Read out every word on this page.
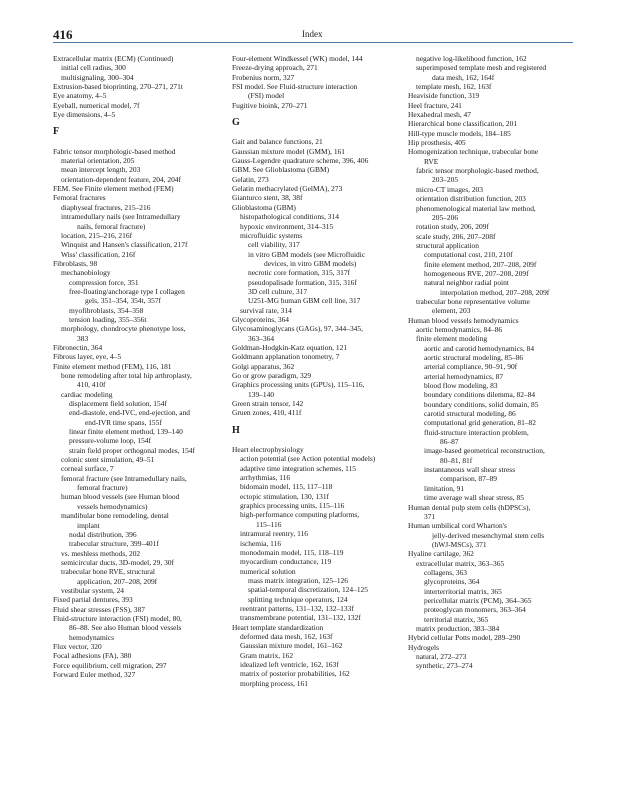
416	Index
Extracellular matrix (ECM) (Continued)
initial cell radius, 300
multisignaling, 300–304
Extrusion-based bioprinting, 270–271, 271t
Eye anatomy, 4–5
Eyeball, numerical model, 7f
Eye dimensions, 4–5
F
Fabric tensor morphologic-based method
material orientation, 205
mean intercept length, 203
orientation-dependent feature, 204, 204f
FEM. See Finite element method (FEM)
Femoral fractures
diaphyseal fractures, 215–216
intramedullary nails (see Intramedullary
nails, femoral fracture)
location, 215–216, 216f
Winquist and Hansen's classification, 217f
Wiss' classification, 216f
Fibroblasts, 98
mechanobiology
compression force, 351
free-floating/anchorage type I collagen
gels, 351–354, 354t, 357f
myofibroblasts, 354–358
tension loading, 355–356t
morphology, chondrocyte phenotype loss,
383
Fibronectin, 364
Fibrous layer, eye, 4–5
Finite element method (FEM), 116, 181
bone remodeling after total hip arthroplasty,
410, 410f
cardiac modeling
displacement field solution, 154f
end-diastole, end-IVC, end-ejection, and
end-IVR time spans, 155f
linear finite element method, 139–140
pressure-volume loop, 154f
strain field proper orthogonal modes, 154f
colonic stent simulation, 49–51
corneal surface, 7
femoral fracture (see Intramedullary nails,
femoral fracture)
human blood vessels (see Human blood
vessels hemodynamics)
mandibular bone remodeling, dental
implant
nodal distribution, 396
trabecular structure, 399–401f
vs. meshless methods, 202
semicircular ducts, 3D-model, 29, 30f
trabecular bone RVE, structural
application, 207–208, 209f
vestibular system, 24
Fixed partial dentures, 393
Fluid shear stresses (FSS), 387
Fluid-structure interaction (FSI) model, 80,
86–88. See also Human blood vessels
hemodynamics
Flux vector, 320
Focal adhesions (FA), 380
Force equilibrium, cell migration, 297
Forward Euler method, 327
Four-element Windkessel (WK) model, 144
Freeze-drying approach, 271
Frobenius norm, 327
FSI model. See Fluid-structure interaction
(FSI) model
Fugitive bioink, 270–271
G
Gait and balance functions, 21
Gaussian mixture model (GMM), 161
Gauss-Legendre quadrature scheme, 396, 406
GBM. See Glioblastoma (GBM)
Gelatin, 273
Gelatin methacrylated (GelMA), 273
Gianturco stent, 38, 38f
Glioblastoma (GBM)
histopathological conditions, 314
hypoxic environment, 314–315
microfluidic systems
cell viability, 317
in vitro GBM models (see Microfluidic
devices, in vitro GBM models)
necrotic core formation, 315, 317f
pseudopalisade formation, 315, 316f
3D cell culture, 317
U251-MG human GBM cell line, 317
survival rate, 314
Glycoproteins, 364
Glycosaminoglycans (GAGs), 97, 344–345,
363–364
Goldman-Hodgkin-Katz equation, 121
Goldmann applanation tonometry, 7
Golgi apparatus, 362
Go or grow paradigm, 329
Graphics processing units (GPUs), 115–116,
139–140
Green strain tensor, 142
Gruen zones, 410, 411f
H
Heart electrophysiology
action potential (see Action potential models)
adaptive time integration schemes, 115
arrhythmias, 116
bidomain model, 115, 117–118
ectopic stimulation, 130, 131f
graphics processing units, 115–116
high-performance computing platforms,
115–116
intramural reentry, 116
ischemia, 116
monodomain model, 115, 118–119
myocardium conductance, 119
numerical solution
mass matrix integration, 125–126
spatial-temporal discretization, 124–125
splitting technique operators, 124
reentrant patterns, 131–132, 132–133f
transmembrane potential, 131–132, 132f
Heart template standardization
deformed data mesh, 162, 163f
Gaussian mixture model, 161–162
Gram matrix, 162
idealized left ventricle, 162, 163f
matrix of posterior probabilities, 162
morphing process, 161
negative log-likelihood function, 162
superimposed template mesh and registered
data mesh, 162, 164f
template mesh, 162, 163f
Heaviside function, 319
Heel fracture, 241
Hexahedral mesh, 47
Hierarchical bone classification, 201
Hill-type muscle models, 184–185
Hip prosthesis, 405
Homogenization technique, trabecular bone
RVE
fabric tensor morphologic-based method,
203–205
micro-CT images, 203
orientation distribution function, 203
phenomenological material law method,
205–206
rotation study, 206, 209f
scale study, 206, 207–208f
structural application
computational cost, 210, 210f
finite element method, 207–208, 209f
homogeneous RVE, 207–208, 209f
natural neighbor radial point
interpolation method, 207–208, 209f
trabecular bone representative volume
element, 203
Human blood vessels hemodynamics
aortic hemodynamics, 84–86
finite element modeling
aortic and carotid hemodynamics, 84
aortic structural modeling, 85–86
arterial compliance, 90–91, 90f
arterial hemodynamics, 87
blood flow modeling, 83
boundary conditions dilemma, 82–84
boundary conditions, solid domain, 85
carotid structural modeling, 86
computational grid generation, 81–82
fluid-structure interaction problem,
86–87
image-based geometrical reconstruction,
80–81, 81f
instantaneous wall shear stress
comparison, 87–89
limitation, 91
time average wall shear stress, 85
Human dental pulp stem cells (hDPSCs),
371
Human umbilical cord Wharton's
jelly-derived mesenchymal stem cells
(hWJ-MSCs), 371
Hyaline cartilage, 362
extracellular matrix, 363–365
collagens, 363
glycoproteins, 364
interterritorial matrix, 365
pericellular matrix (PCM), 364–365
proteoglycan monomers, 363–364
territorial matrix, 365
matrix production, 383–384
Hybrid cellular Potts model, 289–290
Hydrogels
natural, 272–273
synthetic, 273–274
